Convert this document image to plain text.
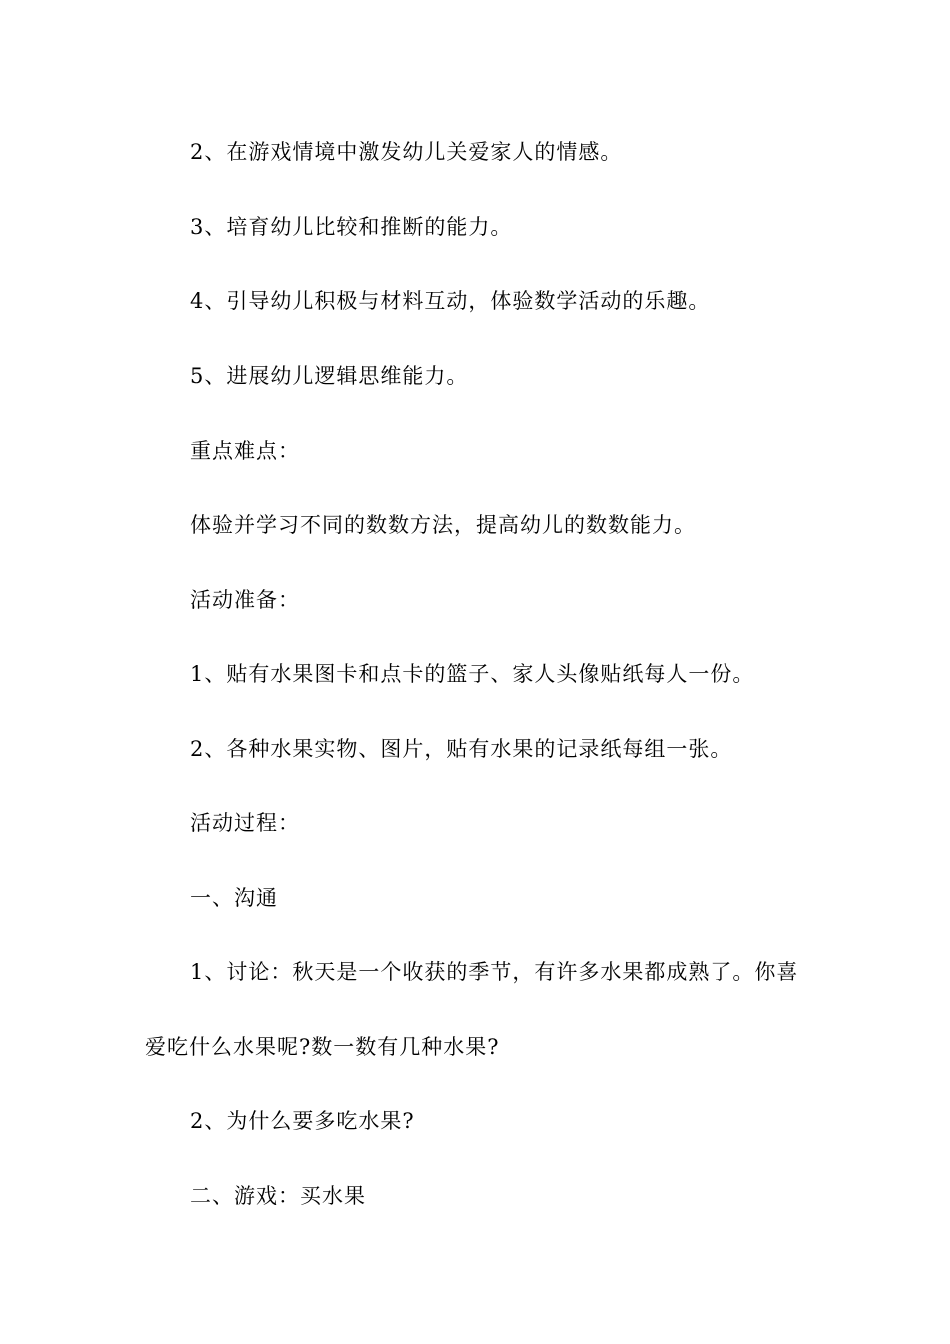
2、在游戏情境中激发幼儿关爱家人的情感。
3、培育幼儿比较和推断的能力。
4、引导幼儿积极与材料互动，体验数学活动的乐趣。
5、进展幼儿逻辑思维能力。
重点难点：
体验并学习不同的数数方法，提高幼儿的数数能力。
活动准备：
1、贴有水果图卡和点卡的篮子、家人头像贴纸每人一份。
2、各种水果实物、图片，贴有水果的记录纸每组一张。
活动过程：
一、沟通
1、讨论：秋天是一个收获的季节，有许多水果都成熟了。你喜
爱吃什么水果呢?数一数有几种水果?
2、为什么要多吃水果?
二、游戏：买水果
